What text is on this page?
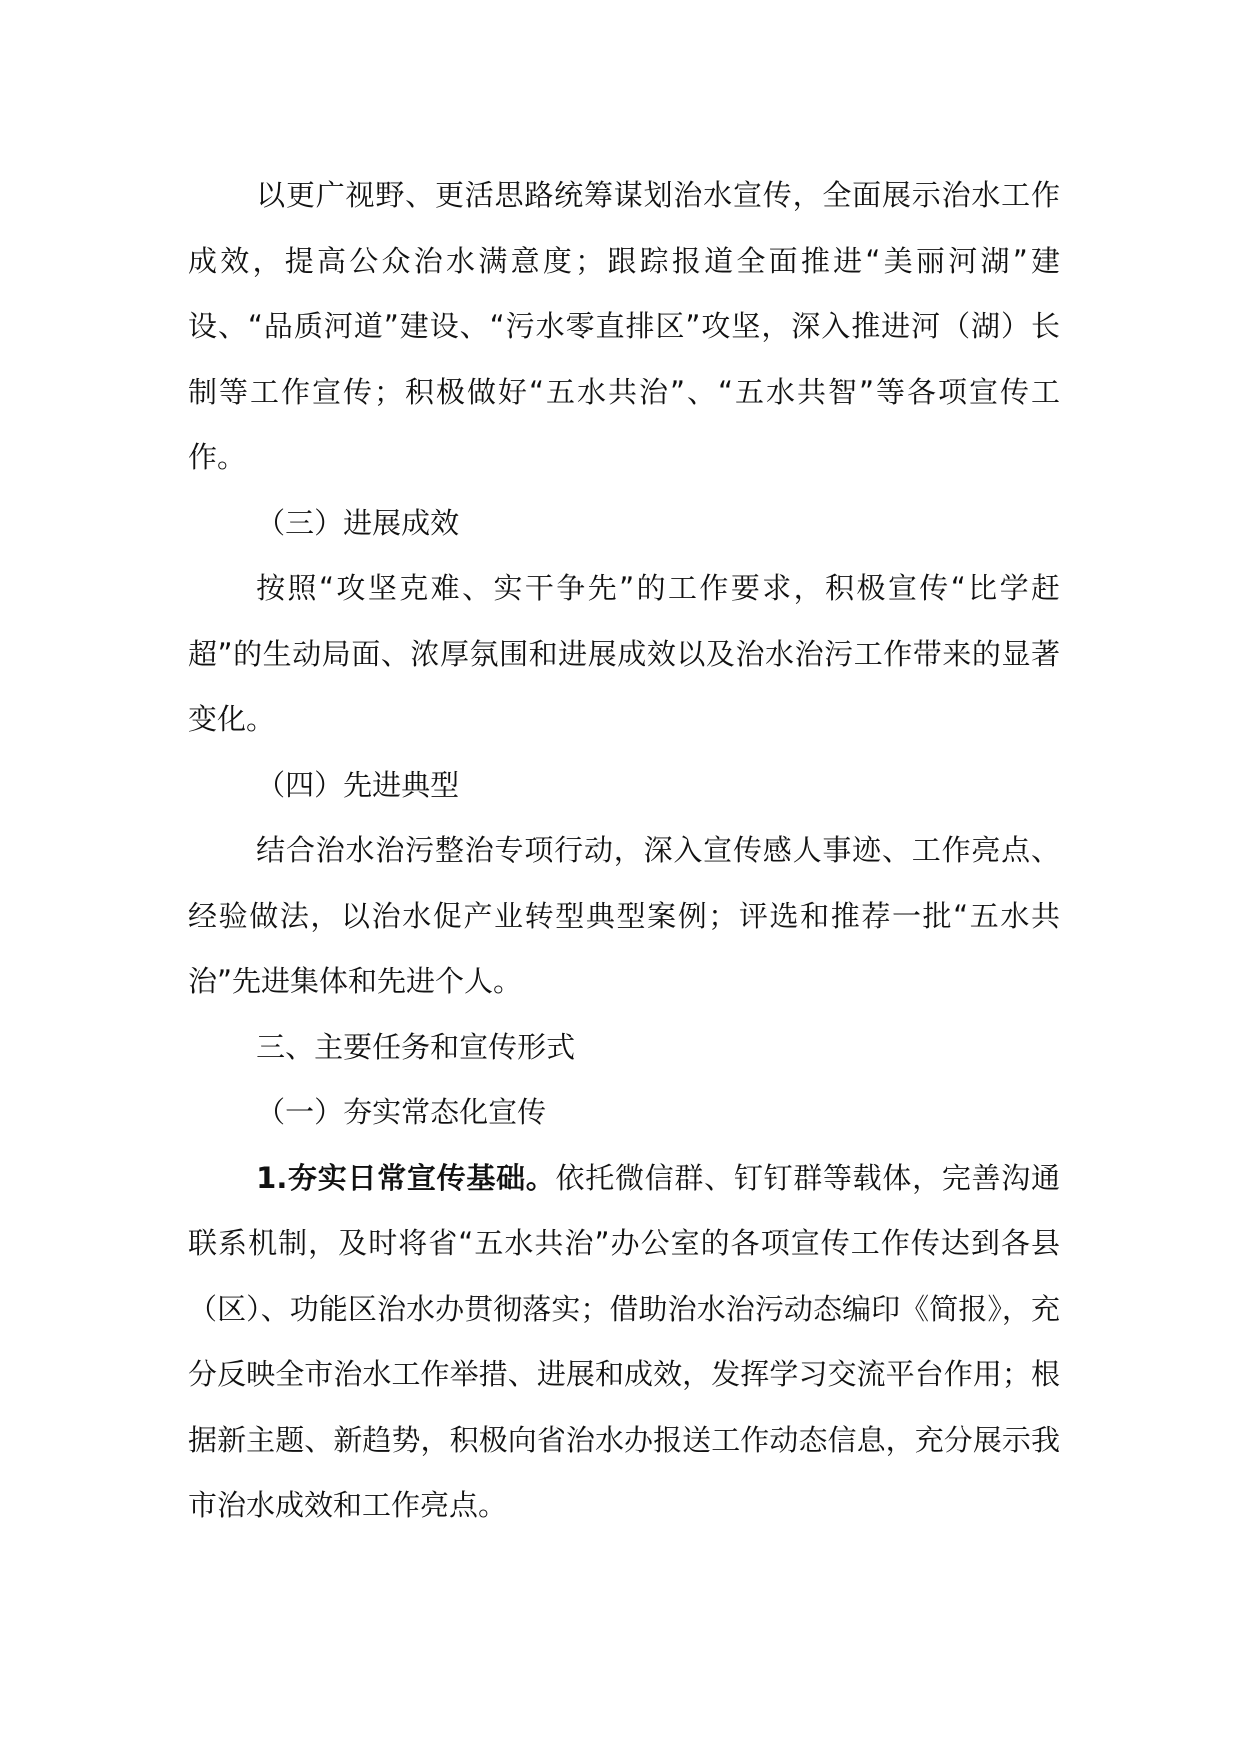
以更广视野、更活思路统筹谋划治水宣传，全面展示治水工作成效，提高公众治水满意度；跟踪报道全面推进“美丽河湖”建设、“品质河道”建设、“污水零直排区”攻坚，深入推进河（湖）长制等工作宣传；积极做好“五水共治”、“五水共智”等各项宣传工作。

（三）进展成效

按照“攻坚克难、实干争先”的工作要求，积极宣传“比学赶超”的生动局面、浓厚氛围和进展成效以及治水治污工作带来的显著变化。

（四）先进典型

结合治水治污整治专项行动，深入宣传感人事迹、工作亮点、经验做法，以治水促产业转型典型案例；评选和推荐一批“五水共治”先进集体和先进个人。

三、主要任务和宣传形式

（一）夯实常态化宣传

1.夯实日常宣传基础。依托微信群、钉钉群等载体，完善沟通联系机制，及时将省“五水共治”办公室的各项宣传工作传达到各县（区）、功能区治水办贯彻落实；借助治水治污动态编印《简报》，充分反映全市治水工作举措、进展和成效，发挥学习交流平台作用；根据新主题、新趋势，积极向省治水办报送工作动态信息，充分展示我市治水成效和工作亮点。
